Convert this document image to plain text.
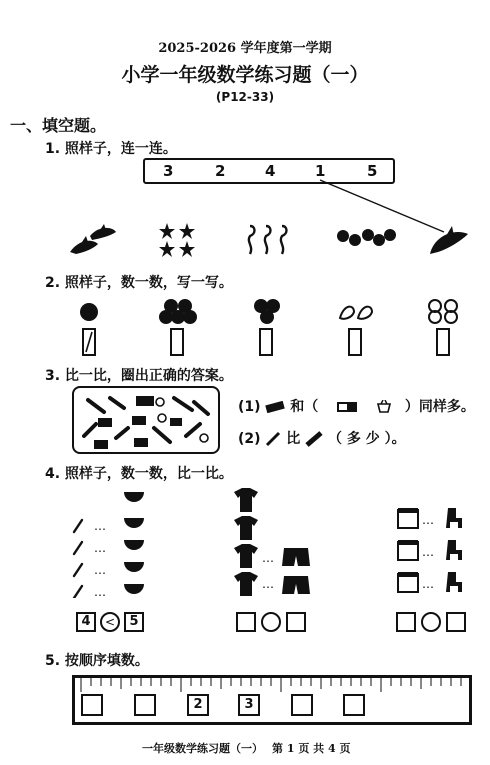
2025-2026 学年度第一学期
小学一年级数学练习题（一）
(P12-33)
一、填空题。
1. 照样子，连一连。
3	2	4	1	5
2. 照样子，数一数，写一写。
3. 比一比，圈出正确的答案。
(1) 和（	）同样多。
(2) 比 （ 多 少 ）。
4. 照样子，数一数，比一比。
…
…
…
…
…
…
…
…
…
4	<	5
5. 按顺序填数。
2	3
一年级数学练习题（一） 第 1 页 共 4 页
